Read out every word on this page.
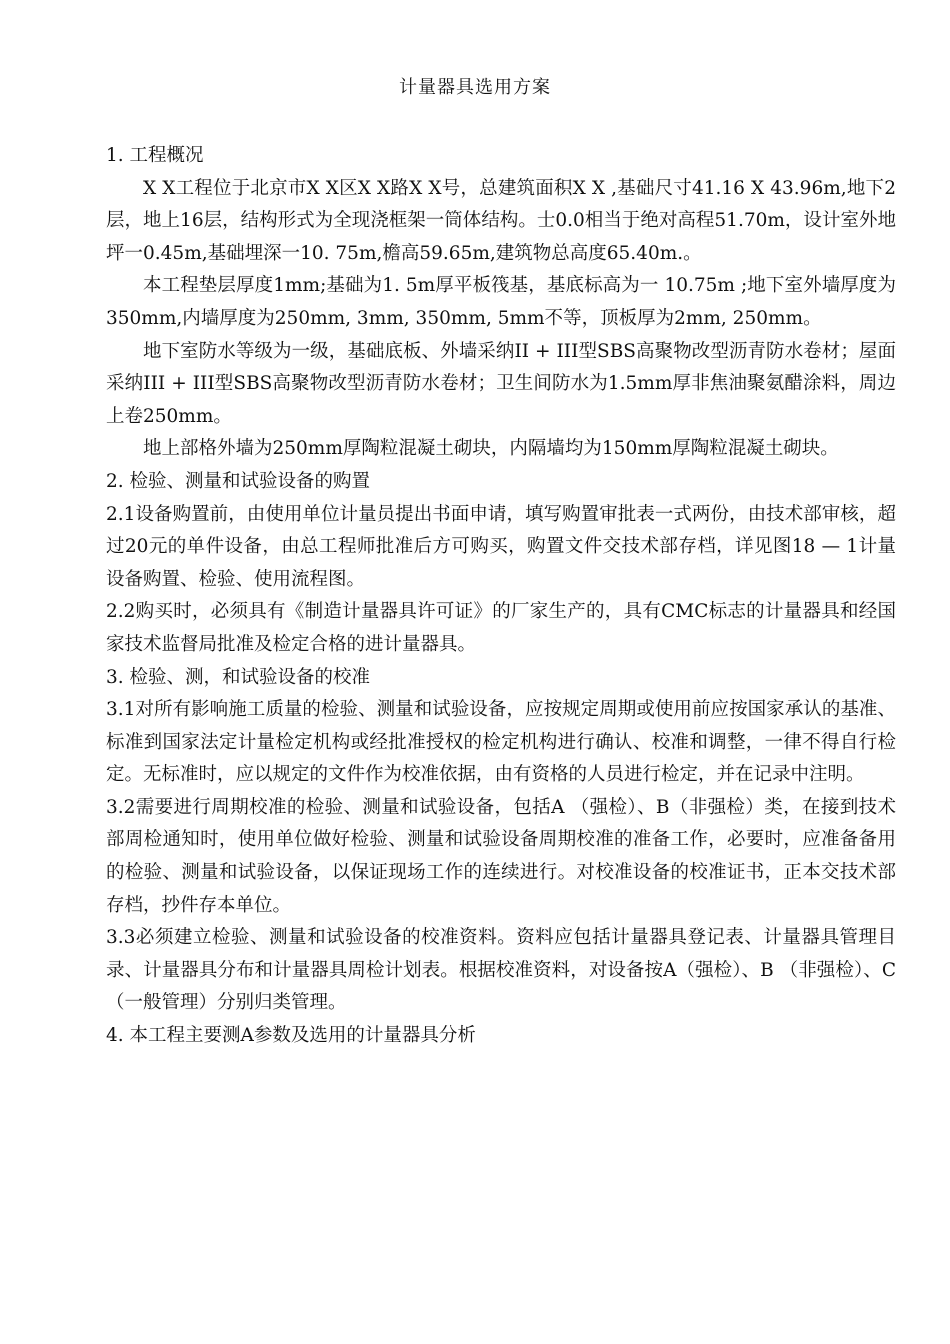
计量器具选用方案

1. 工程概况

X X工程位于北京市X X区X X路X X号，总建筑面积X X ,基础尺寸41.16 X 43.96m,地下2层，地上16层，结构形式为全现浇框架一筒体结构。士0.0相当于绝对高程51.70m，设计室外地坪一0.45m,基础埋深一10. 75m,檐高59.65m,建筑物总高度65.40m.。

本工程垫层厚度1mm;基础为1. 5m厚平板筏基，基底标高为一 10.75m ;地下室外墙厚度为350mm,内墙厚度为250mm, 3mm, 350mm, 5mm不等，顶板厚为2mm, 250mm。

地下室防水等级为一级，基础底板、外墙采纳II + III型SBS高聚物改型沥青防水卷材；屋面采纳III + III型SBS高聚物改型沥青防水卷材；卫生间防水为1.5mm厚非焦油聚氨醋涂料，周边上卷250mm。

地上部格外墙为250mm厚陶粒混凝土砌块，内隔墙均为150mm厚陶粒混凝土砌块。

2. 检验、测量和试验设备的购置

2.1设备购置前，由使用单位计量员提出书面申请，填写购置审批表一式两份，由技术部审核，超过20元的单件设备，由总工程师批准后方可购买，购置文件交技术部存档，详见图18 — 1计量设备购置、检验、使用流程图。

2.2购买时，必须具有《制造计量器具许可证》的厂家生产的，具有CMC标志的计量器具和经国家技术监督局批准及检定合格的进计量器具。

3. 检验、测，和试验设备的校准

3.1对所有影响施工质量的检验、测量和试验设备，应按规定周期或使用前应按国家承认的基准、标准到国家法定计量检定机构或经批准授权的检定机构进行确认、校准和调整，一律不得自行检定。无标准时，应以规定的文件作为校准依据，由有资格的人员进行检定，并在记录中注明。

3.2需要进行周期校准的检验、测量和试验设备，包括A （强检）、B（非强检）类，在接到技术部周检通知时，使用单位做好检验、测量和试验设备周期校准的准备工作，必要时，应准备备用的检验、测量和试验设备，以保证现场工作的连续进行。对校准设备的校准证书，正本交技术部存档，抄件存本单位。

3.3必须建立检验、测量和试验设备的校准资料。资料应包括计量器具登记表、计量器具管理目录、计量器具分布和计量器具周检计划表。根据校准资料，对设备按A（强检）、B （非强检）、C （一般管理）分别归类管理。

4. 本工程主要测A参数及选用的计量器具分析
